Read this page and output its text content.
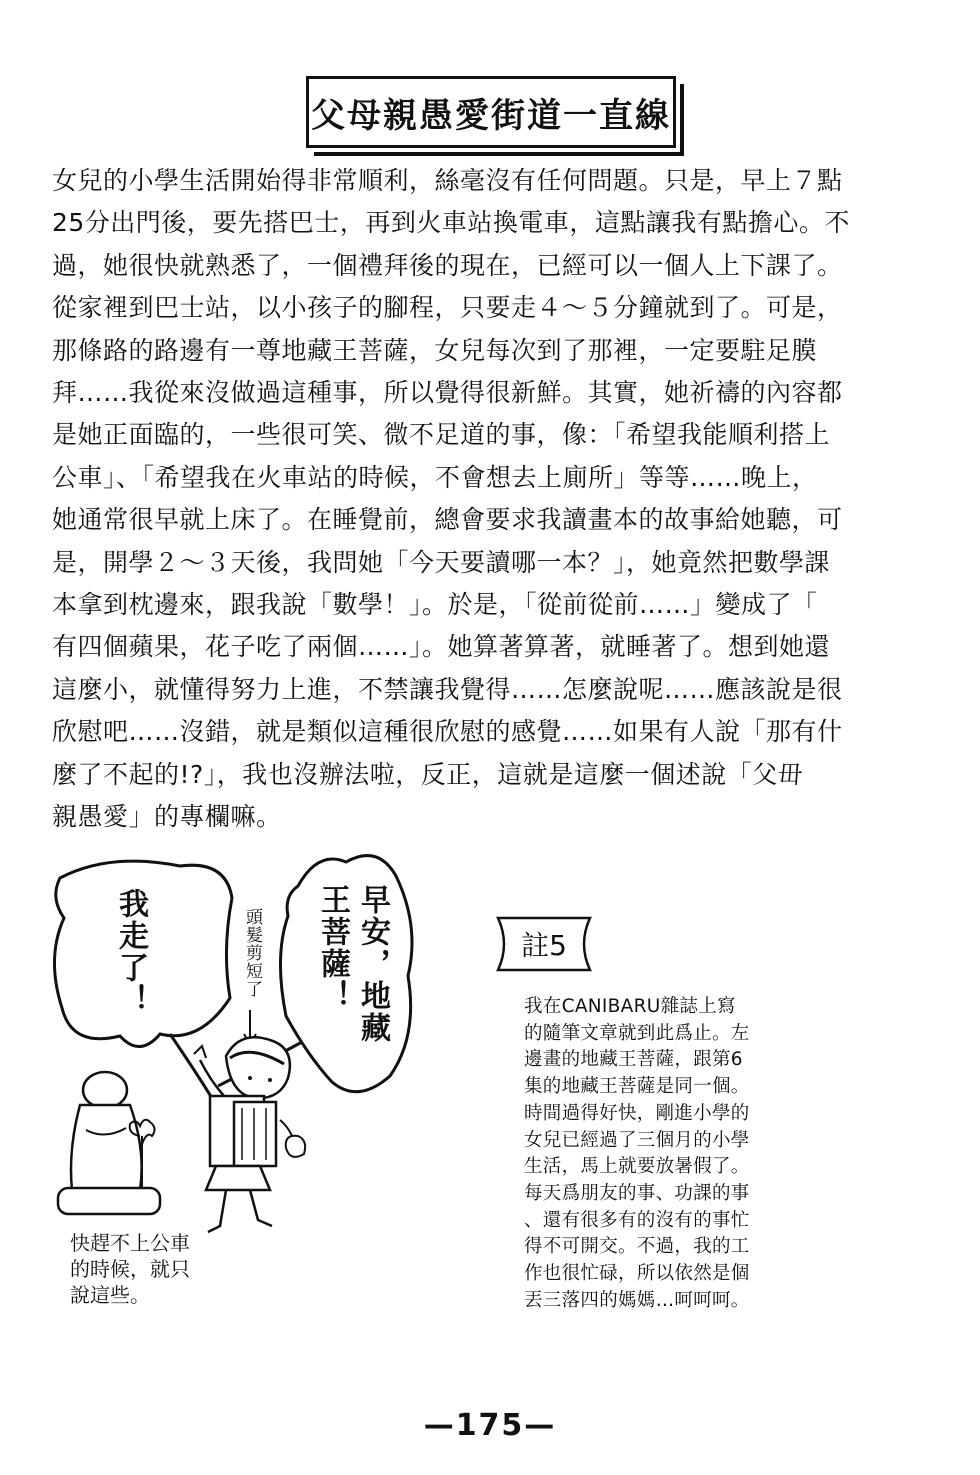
父母親愚愛街道一直線
女兒的小學生活開始得非常順利，絲毫沒有任何問題。只是，早上７點
25分出門後，要先搭巴士，再到火車站換電車，這點讓我有點擔心。不
過，她很快就熟悉了，一個禮拜後的現在，已經可以一個人上下課了。
從家裡到巴士站，以小孩子的腳程，只要走４～５分鐘就到了。可是，
那條路的路邊有一尊地藏王菩薩，女兒每次到了那裡，一定要駐足膜
拜……我從來沒做過這種事，所以覺得很新鮮。其實，她祈禱的內容都
是她正面臨的，一些很可笑、微不足道的事，像：「希望我能順利搭上
公車」、「希望我在火車站的時候，不會想去上廁所」等等……晚上，
她通常很早就上床了。在睡覺前，總會要求我讀畫本的故事給她聽，可
是，開學２～３天後，我問她「今天要讀哪一本？」，她竟然把數學課
本拿到枕邊來，跟我說「數學！」。於是，「從前從前……」變成了「
有四個蘋果，花子吃了兩個……」。她算著算著，就睡著了。想到她還
這麼小，就懂得努力上進，不禁讓我覺得……怎麼說呢……應該說是很
欣慰吧……沒錯，就是類似這種很欣慰的感覺……如果有人說「那有什
麼了不起的!?」，我也沒辦法啦，反正，這就是這麼一個述說「父毌
親愚愛」的專欄嘛。
我走了！	早安，地藏王菩薩！
頭髮剪短了
快趕不上公車
的時候，就只
說這些。
註5
我在CANIBARU雜誌上寫
的隨筆文章就到此爲止。左
邊畫的地藏王菩薩，跟第6
集的地藏王菩薩是同一個。
時間過得好快，剛進小學的
女兒已經過了三個月的小學
生活，馬上就要放暑假了。
每天爲朋友的事、功課的事
、還有很多有的沒有的事忙
得不可開交。不過，我的工
作也很忙碌，所以依然是個
丟三落四的媽媽…呵呵呵。
—175—
